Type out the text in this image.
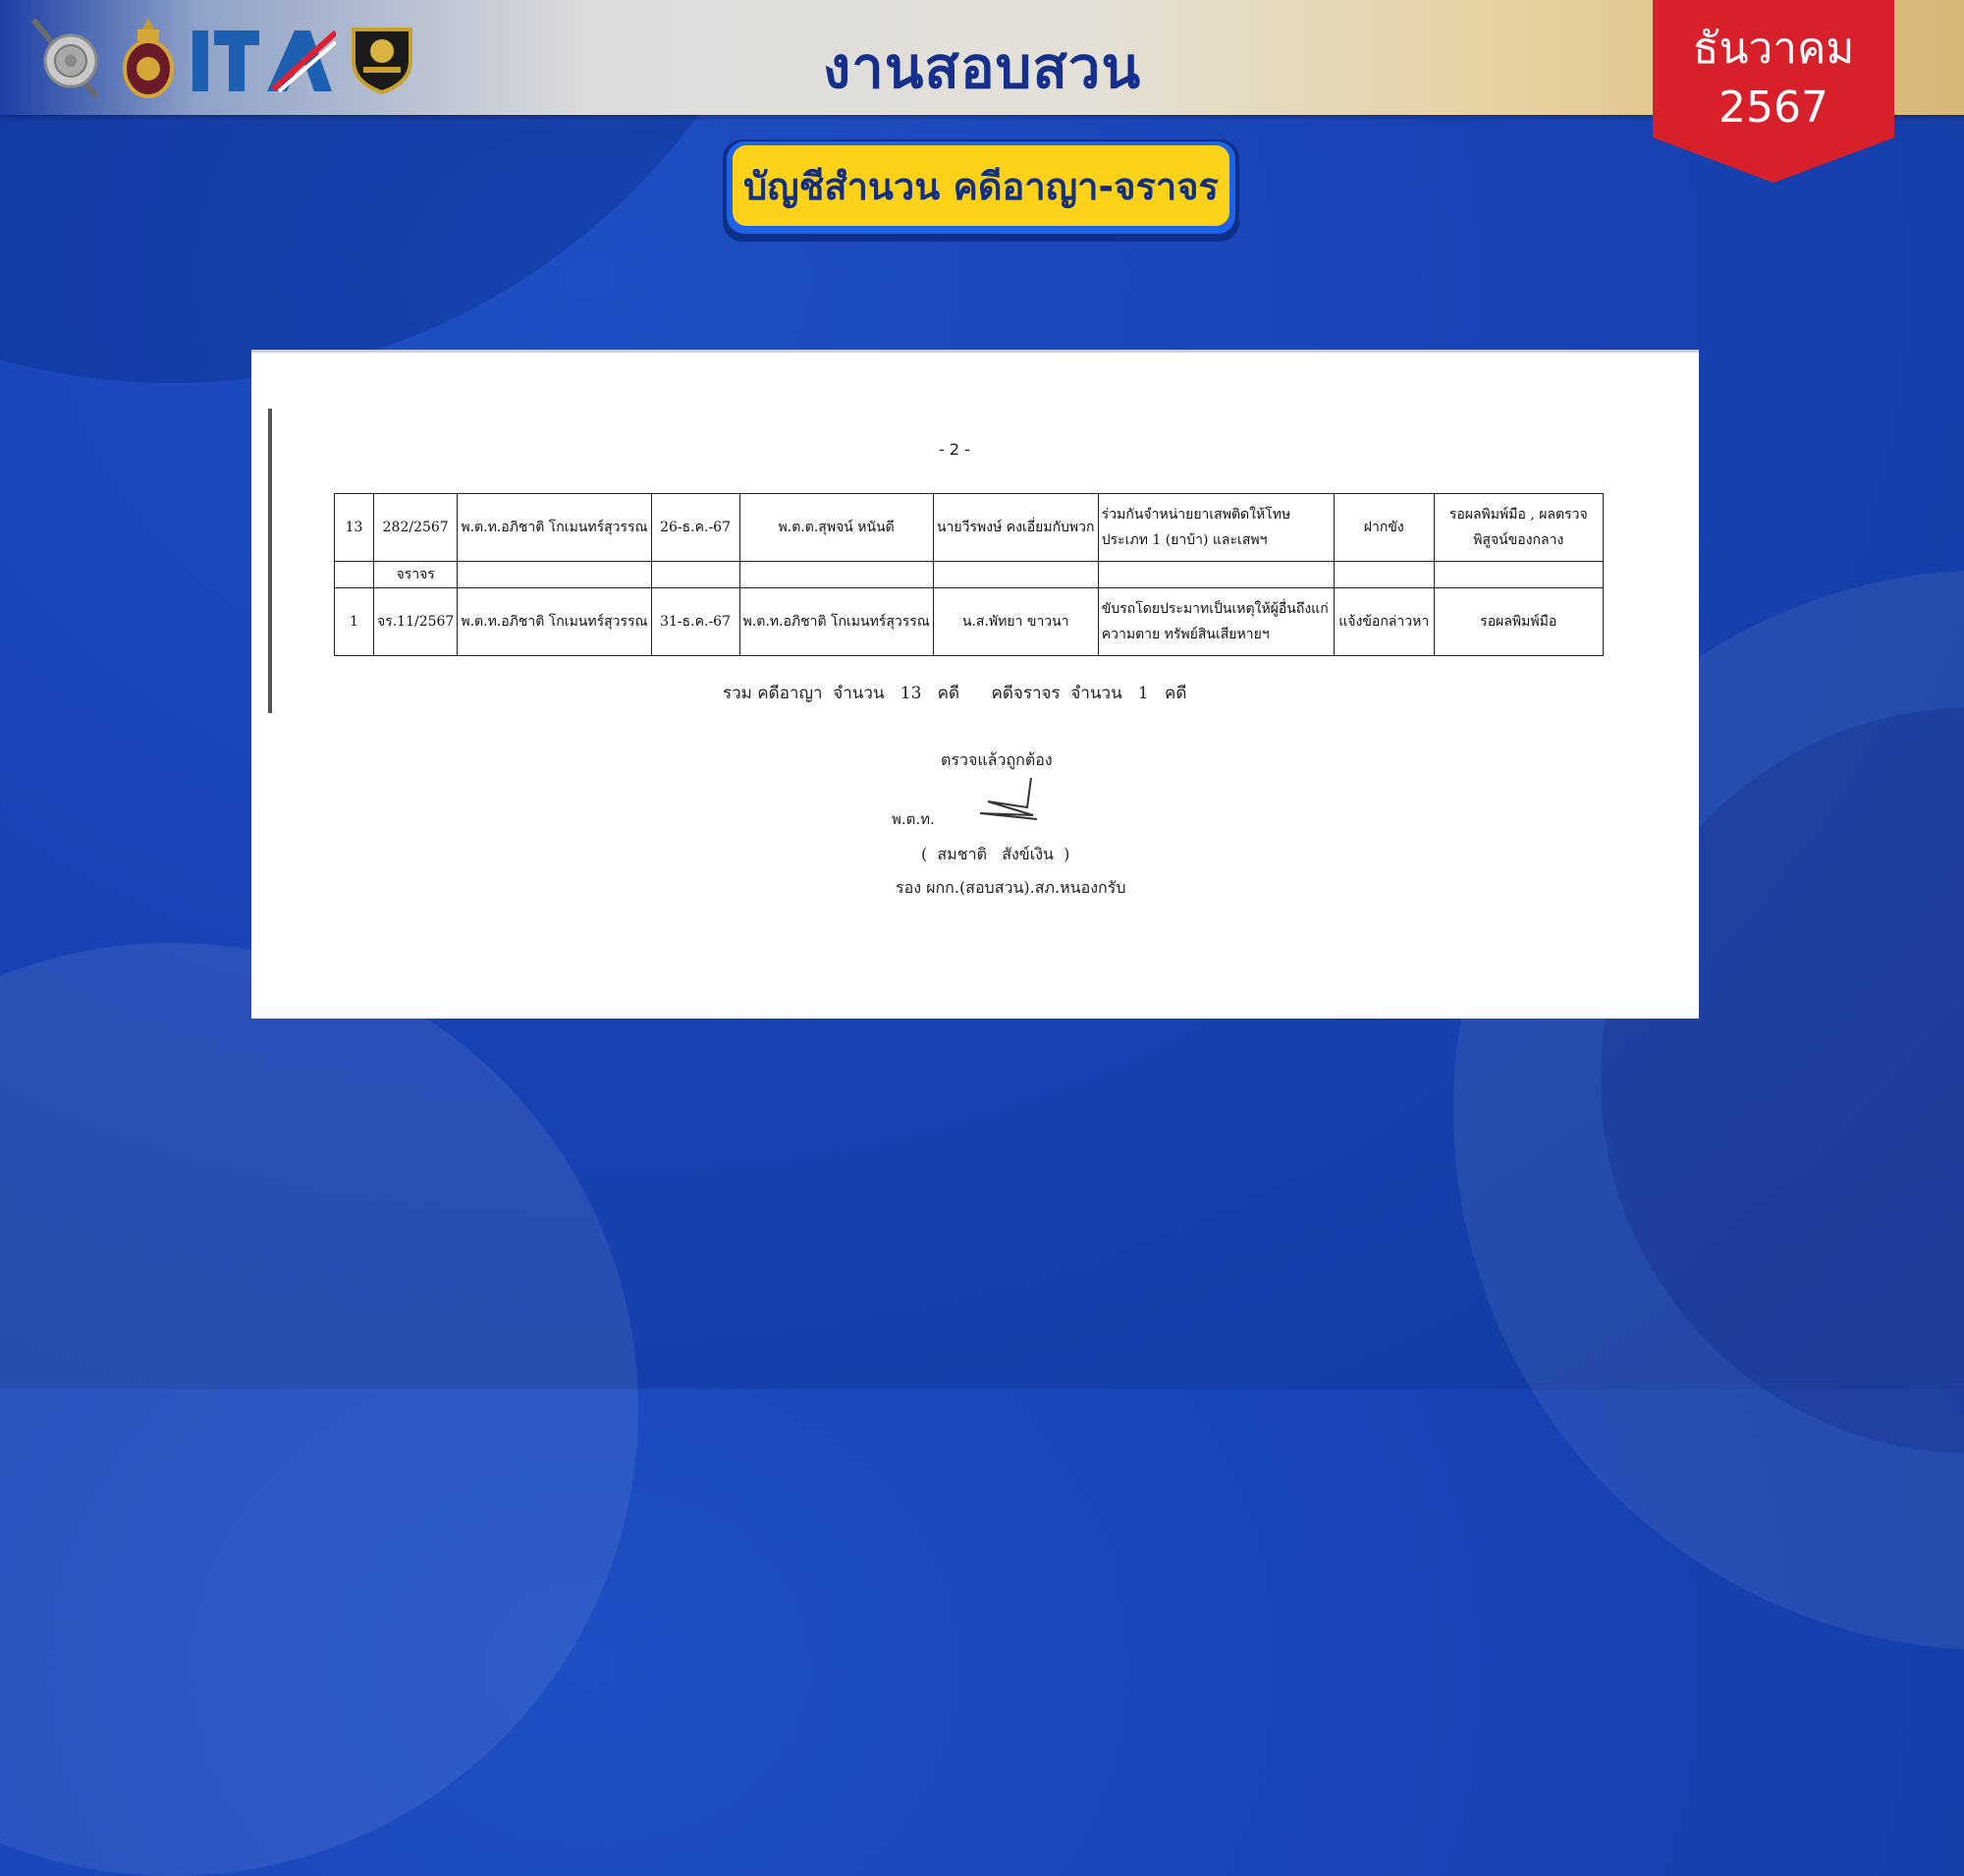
งานสอบสวน	ธันวาคม
2567
บัญชีสำนวน คดีอาญา-จราจร
- 2 -
13	282/2567	พ.ต.ท.อภิชาติ โกเมนทร์สุวรรณ	26-ธ.ค.-67	พ.ต.ต.สุพจน์ หนันดี	นายวีรพงษ์ คงเอี่ยมกับพวก	ร่วมกันจำหน่ายยาเสพติดให้โทษประเภท 1 (ยาบ้า) และเสพฯ	ฝากขัง	รอผลพิมพ์มือ , ผลตรวจพิสูจน์ของกลาง
	จราจร							
1	จร.11/2567	พ.ต.ท.อภิชาติ โกเมนทร์สุวรรณ	31-ธ.ค.-67	พ.ต.ท.อภิชาติ โกเมนทร์สุวรรณ	น.ส.พัทยา ขาวนา	ขับรถโดยประมาทเป็นเหตุให้ผู้อื่นถึงแก่ความตาย ทรัพย์สินเสียหายฯ	แจ้งข้อกล่าวหา	รอผลพิมพ์มือ
รวม คดีอาญา  จำนวน   13   คดี      คดีจราจร  จำนวน   1   คดี
ตรวจแล้วถูกต้อง
พ.ต.ท.
(  สมชาติ   สังข์เงิน  )
รอง ผกก.(สอบสวน).สภ.หนองกรับ
